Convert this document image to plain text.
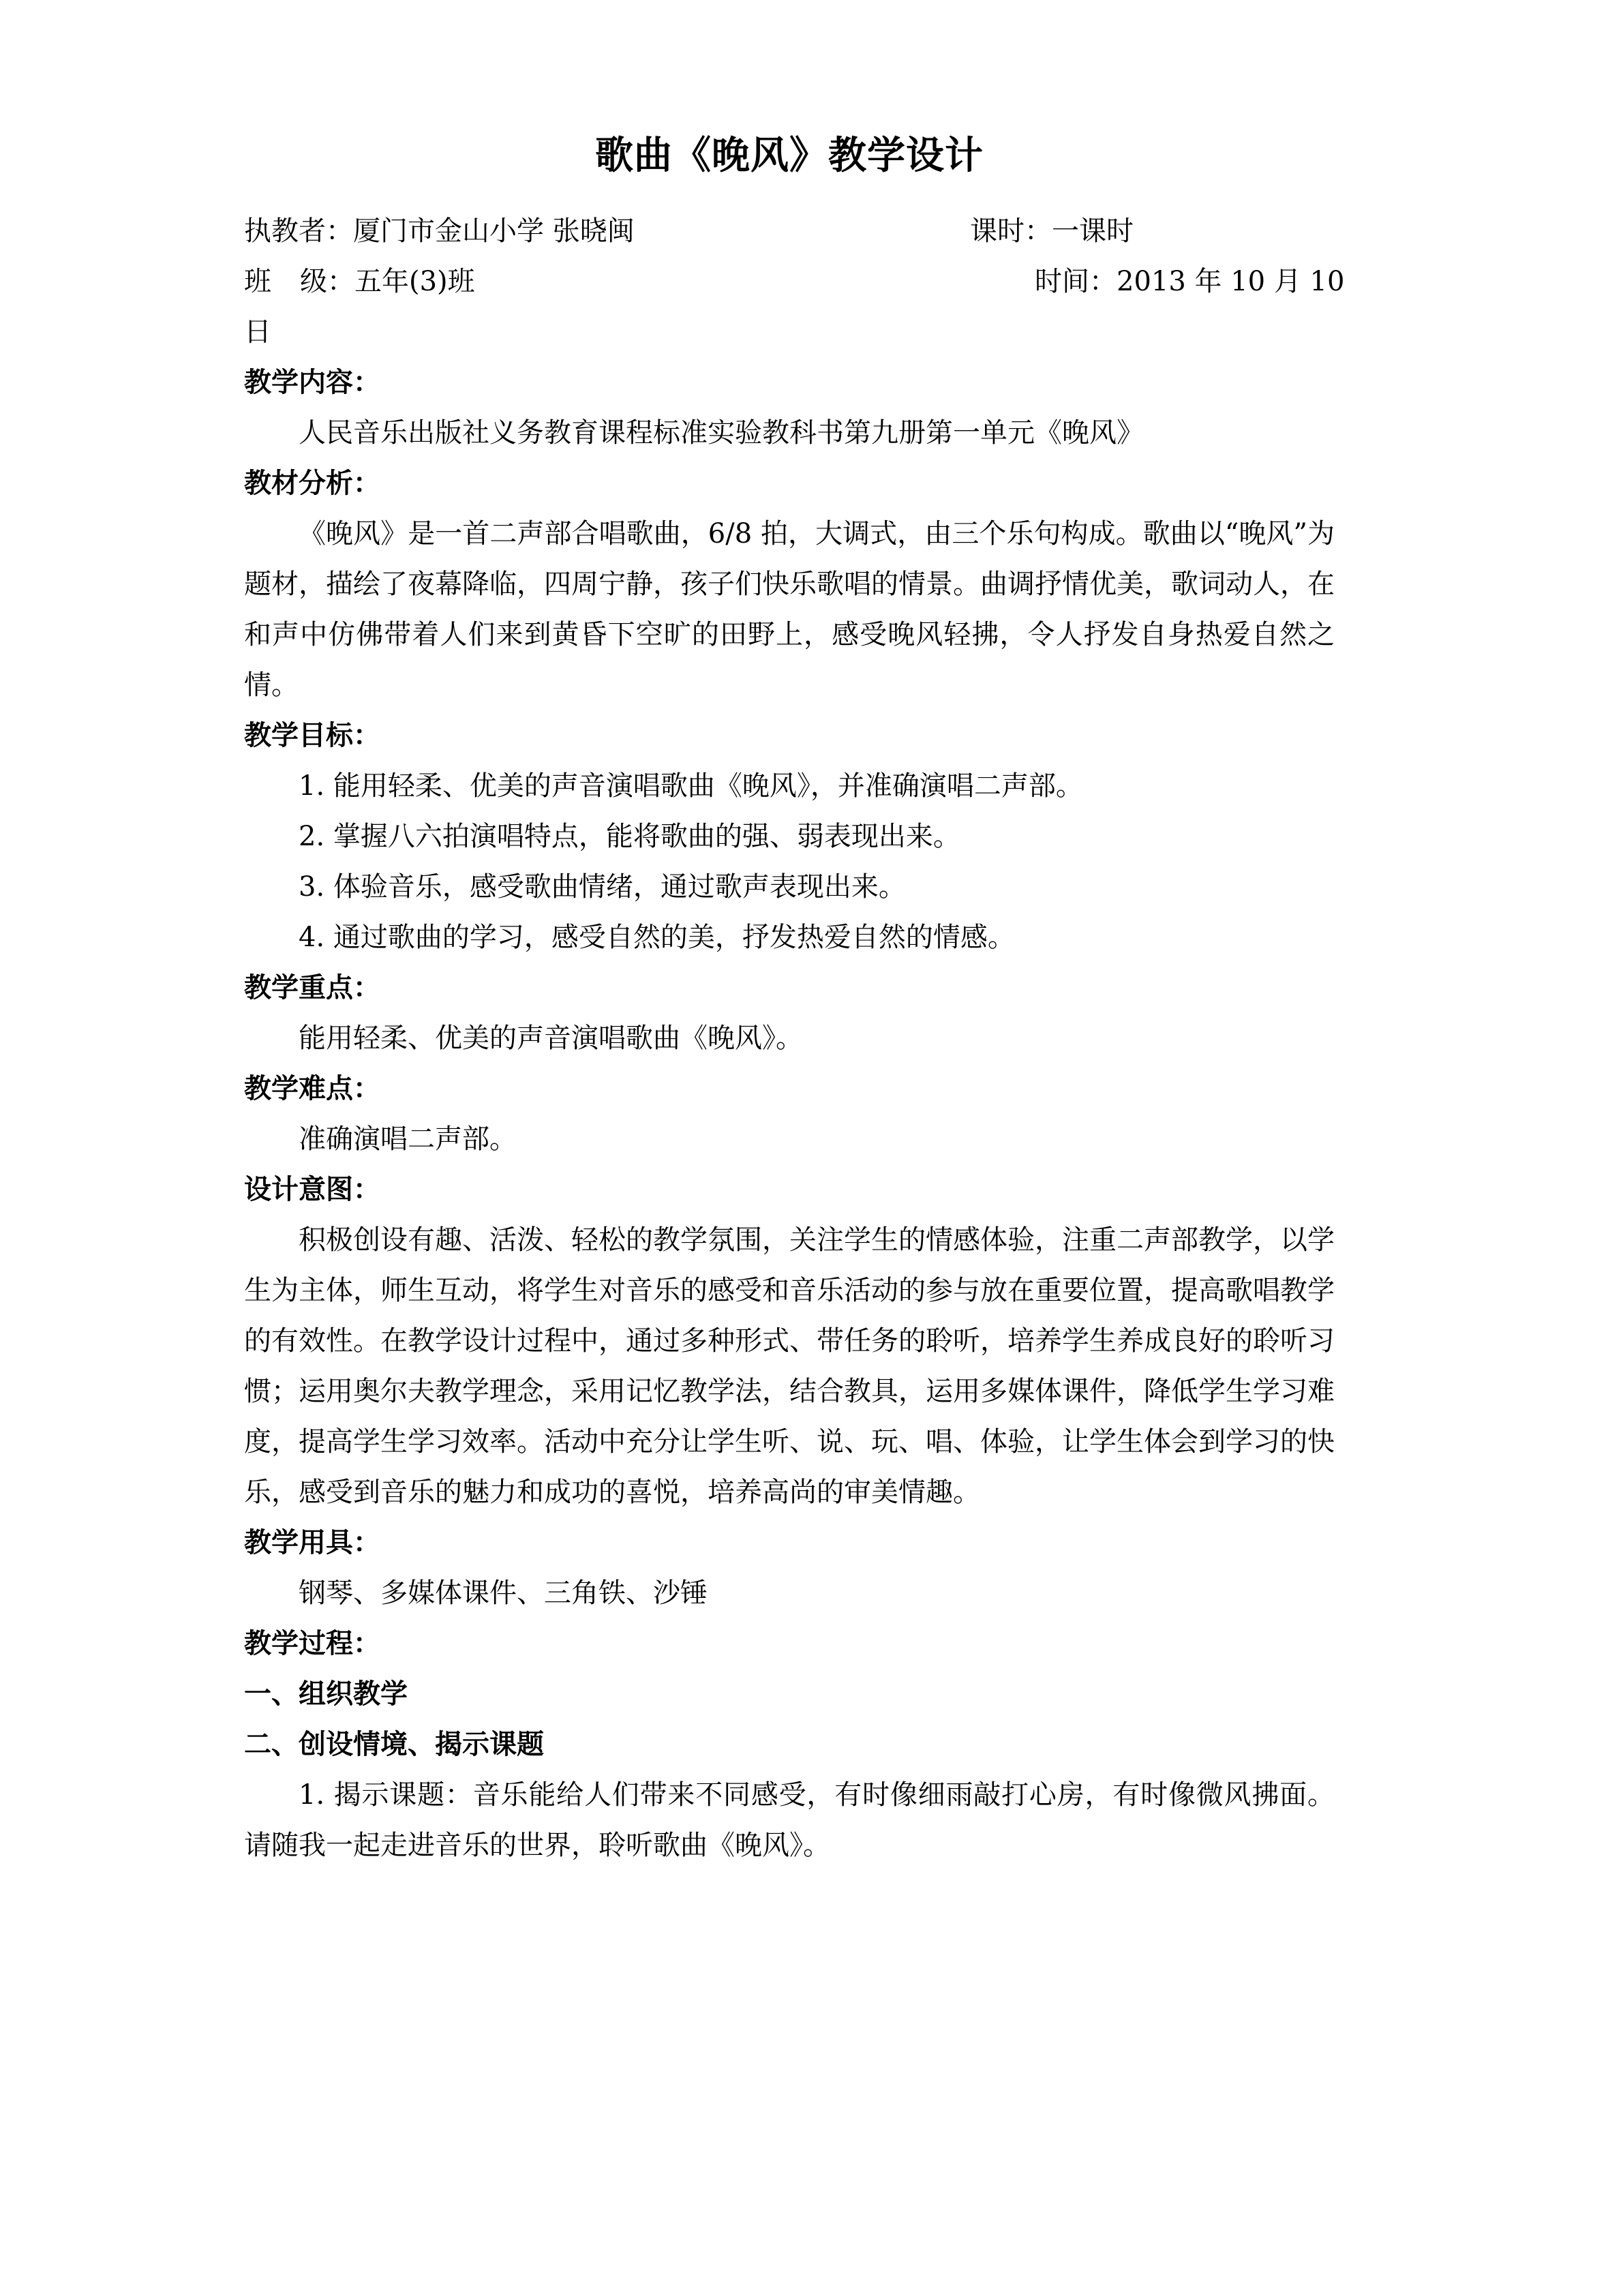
歌曲《晚风》教学设计
执教者：厦门市金山小学 张晓闽	课时：一课时
班 级：五年(3)班	时间：2013 年 10 月 10
日
教学内容：
人民音乐出版社义务教育课程标准实验教科书第九册第一单元《晚风》
教材分析：

《晚风》是一首二声部合唱歌曲，6/8 拍，大调式，由三个乐句构成。歌曲以“晚风”为题材，描绘了夜幕降临，四周宁静，孩子们快乐歌唱的情景。曲调抒情优美，歌词动人，在和声中仿佛带着人们来到黄昏下空旷的田野上，感受晚风轻拂，令人抒发自身热爱自然之情。

教学目标：
1. 能用轻柔、优美的声音演唱歌曲《晚风》，并准确演唱二声部。
2. 掌握八六拍演唱特点，能将歌曲的强、弱表现出来。
3. 体验音乐，感受歌曲情绪，通过歌声表现出来。
4. 通过歌曲的学习，感受自然的美，抒发热爱自然的情感。
教学重点：
能用轻柔、优美的声音演唱歌曲《晚风》。
教学难点：
准确演唱二声部。
设计意图：

积极创设有趣、活泼、轻松的教学氛围，关注学生的情感体验，注重二声部教学，以学生为主体，师生互动，将学生对音乐的感受和音乐活动的参与放在重要位置，提高歌唱教学的有效性。在教学设计过程中，通过多种形式、带任务的聆听，培养学生养成良好的聆听习惯；运用奥尔夫教学理念，采用记忆教学法，结合教具，运用多媒体课件，降低学生学习难度，提高学生学习效率。活动中充分让学生听、说、玩、唱、体验，让学生体会到学习的快乐，感受到音乐的魅力和成功的喜悦，培养高尚的审美情趣。

教学用具：
钢琴、多媒体课件、三角铁、沙锤
教学过程：
一、组织教学
二、创设情境、揭示课题

1. 揭示课题：音乐能给人们带来不同感受，有时像细雨敲打心房，有时像微风拂面。请随我一起走进音乐的世界，聆听歌曲《晚风》。
